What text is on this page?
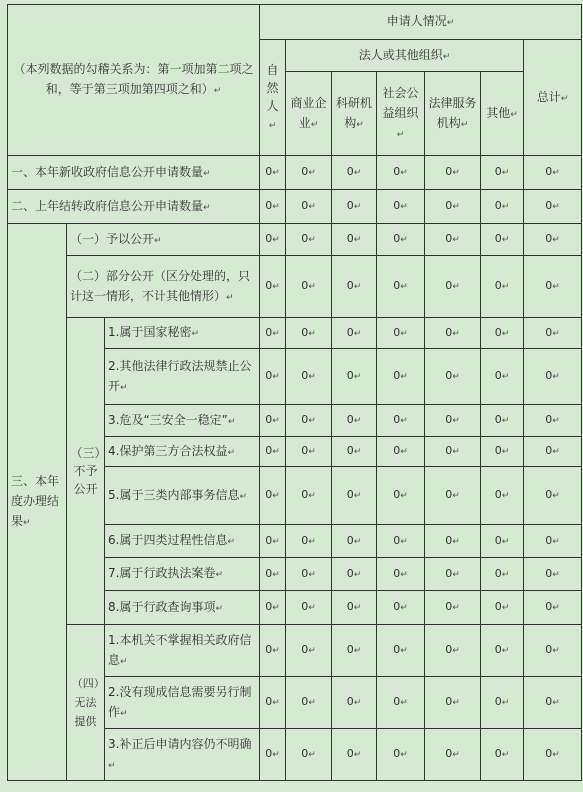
（本列数据的勾稽关系为：第一项加第二项之和，等于第三项加第四项之和）↵			申请人情况↵						
			自然人↵	法人或其他组织↵					总计↵
				商业企业↵	科研机构↵	社会公益组织↵	法律服务机构↵	其他↵	
一、本年新收政府信息公开申请数量↵			0↵	0↵	0↵	0↵	0↵	0↵	0↵
二、上年结转政府信息公开申请数量↵			0↵	0↵	0↵	0↵	0↵	0↵	0↵
三、本年度办理结果↵	（一）予以公开↵		0↵	0↵	0↵	0↵	0↵	0↵	0↵
	（二）部分公开（区分处理的，只计这一情形，不计其他情形）↵		0↵	0↵	0↵	0↵	0↵	0↵	0↵
	（三）不予公开	1.属于国家秘密↵	0↵	0↵	0↵	0↵	0↵	0↵	0↵
		2.其他法律行政法规禁止公开↵	0↵	0↵	0↵	0↵	0↵	0↵	0↵
		3.危及“三安全一稳定”↵	0↵	0↵	0↵	0↵	0↵	0↵	0↵
		4.保护第三方合法权益↵	0↵	0↵	0↵	0↵	0↵	0↵	0↵
		5.属于三类内部事务信息↵	0↵	0↵	0↵	0↵	0↵	0↵	0↵
		6.属于四类过程性信息↵	0↵	0↵	0↵	0↵	0↵	0↵	0↵
		7.属于行政执法案卷↵	0↵	0↵	0↵	0↵	0↵	0↵	0↵
		8.属于行政查询事项↵	0↵	0↵	0↵	0↵	0↵	0↵	0↵
	（四）无法提供	1.本机关不掌握相关政府信息↵	0↵	0↵	0↵	0↵	0↵	0↵	0↵
		2.没有现成信息需要另行制作↵	0↵	0↵	0↵	0↵	0↵	0↵	0↵
		3.补正后申请内容仍不明确↵	0↵	0↵	0↵	0↵	0↵	0↵	0↵
